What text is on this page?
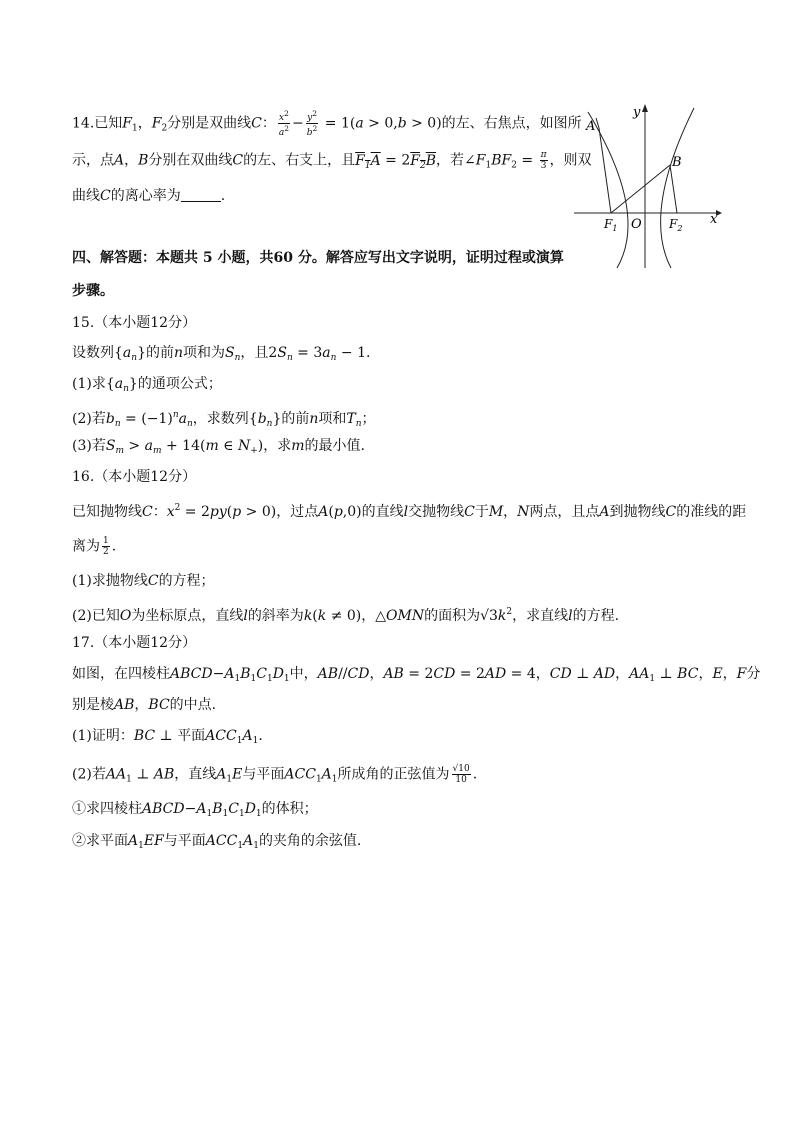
14.已知$F_1$，$F_2$分别是双曲线C： $\frac{x^2}{a^2} - \frac{y^2}{b^2} = 1(a > 0,b > 0)$的左、右焦点，如图所
示，点A，B分别在双曲线C的左、右支上，且$F_1A = 2F_2B$，若$\angle F_1BF_2 = \frac{\pi}{3}$ ，则双
曲线C的离心率为	.
A
B
O
$F_1$	$F_2$
x
y
四、解答题：本题共 5 小题，共60 分。解答应写出文字说明，证明过程或演算
步骤。
15.（本小题12分）
设数列$\{a_n\}$的前n项和为$S_n$，且$2S_n = 3a_n - 1$.
(1)求$\{a_n\}$的通项公式；
(2)若$b_n = (-1)^na_n$，求数列$\{b_n\}$的前n项和$T_n$；
(3)若$S_m > a_m + 14(m$ ∈ $N_+$)，求m的最小值.
16.（本小题12分）
已知抛物线C：$x^2 = 2py(p > 0)$，过点A(p,0)的直线l交抛物线C于M，N两点，且点A到抛物线C的准线的距
离为 $\frac{1}{2}$ .
(1)求抛物线C的方程；
(2)已知O为坐标原点，直线l的斜率为k(k ≠ 0)，△OMN的面积为$√3k^2$，求直线l的方程.
17.（本小题12分）
如图，在四棱柱$ABCD-A_1B_1C_1D_1$中，AB//CD，AB = 2CD = 2AD = 4，CD ⊥ AD，$AA_1$ ⊥ BC，E，F分
别是棱AB，BC的中点.
(1)证明：BC ⊥ 平面$ACC_1A_1$.
(2)若$AA_1$ ⊥ AB，直线$A_1E$与平面$ACC_1A_1$所成角的正弦值为 $\frac{√10}{10}$ .
①求四棱柱$ABCD-A_1B_1C_1D_1$的体积；
②求平面$A_1EF$与平面$ACC_1A_1$的夹角的余弦值.
